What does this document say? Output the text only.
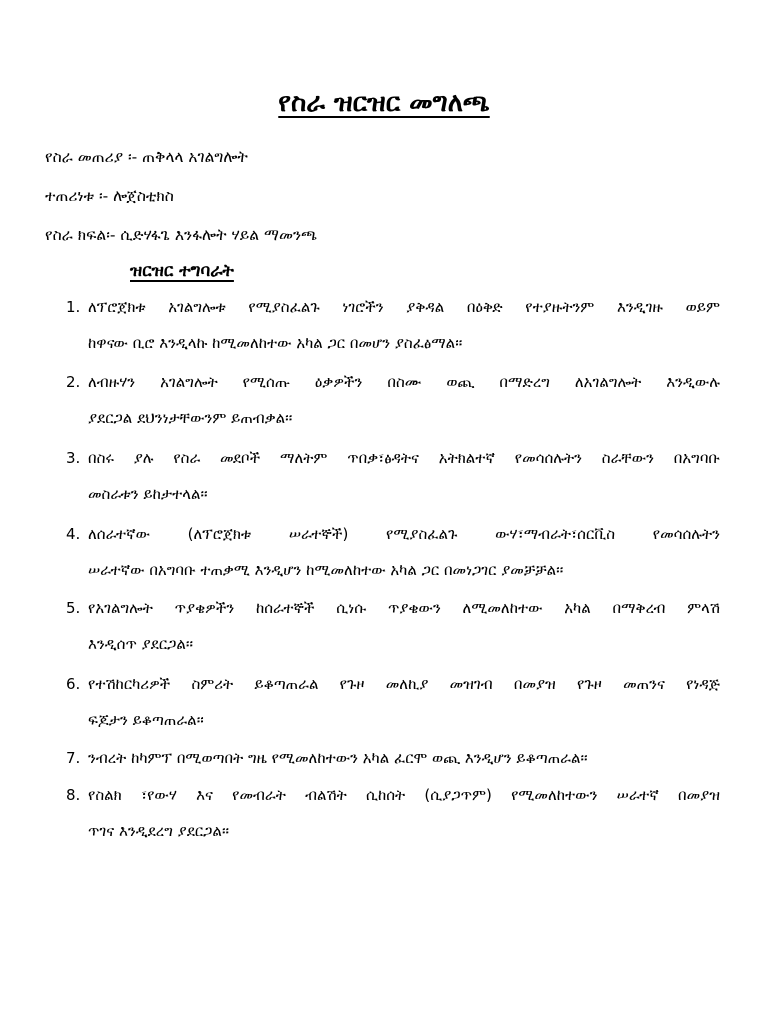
የስራ ዝርዝር መግለጫ
የስራ መጠሪያ ፡- ጠቅላላ አገልግሎት
ተጠሪነቱ ፡- ሎጀስቲክስ
የስራ ክፍል፡- ሲድሃፋጌ እንፋሎት ሃይል ማመንጫ
ዝርዝር ተግባራት
1. ለፕሮጀክቱ አገልግሎቱ የሚያስፈልጉ ነገሮችን ያቅዳል በዕቅድ የተያዙትንም እንዲገዙ ወይም
ከዋናው ቢሮ እንዲላኩ ከሚመለከተው አካል ጋር በመሆን ያስፈፅማል፡፡
2. ለብዙሃን አገልግሎት የሚሰጡ ዕቃዎችን በስሙ ወጪ በማድረግ ለአገልግሎት እንዲውሉ
ያደርጋል ደህንነታቸውንም ይጠብቃል፡፡
3. በስሩ ያሉ የስራ መደቦች ማለትም ጥበቃ፣ፅዳትና አትክልተኛ የመሳሰሉትን ስራቸውን በአግባቡ
መስራቱን ይከታተላል፡፡
4. ለሰራተኛው (ለፕሮጀክቱ ሠራተኞች) የሚያስፈልጉ ውሃ፣ማብራት፣ሰርቪስ የመሳሰሉትን
ሠራተኛው በአግባቡ ተጠቃሚ እንዲሆን ከሚመለከተው አካል ጋር በመነጋገር ያመቻቻል፡፡
5. የአገልግሎት ጥያቄዎችን ከሰራተኞች ሲነሱ ጥያቄውን ለሚመለከተው አካል በማቅረብ ምላሽ
እንዲሰጥ ያደርጋል፡፡
6. የተሽከርካሪዎች ስምሪት ይቆጣጠራል የጉዞ መለኪያ መዝገብ በመያዝ የጉዞ መጠንና የነዳጅ
ፍጆታን ይቆጣጠራል፡፡
7. ንብረት ከካምፕ በሚወጣበት ግዜ የሚመለከተውን አካል ፈርሞ ወጪ እንዲሆን ይቆጣጠራል፡፡
8. የስልክ ፣የውሃ እና የመብራት ብልሽት ሲከሰት (ሲያጋጥም) የሚመለከተውን ሠራተኛ በመያዝ
ጥገና እንዲደረግ ያደርጋል፡፡
